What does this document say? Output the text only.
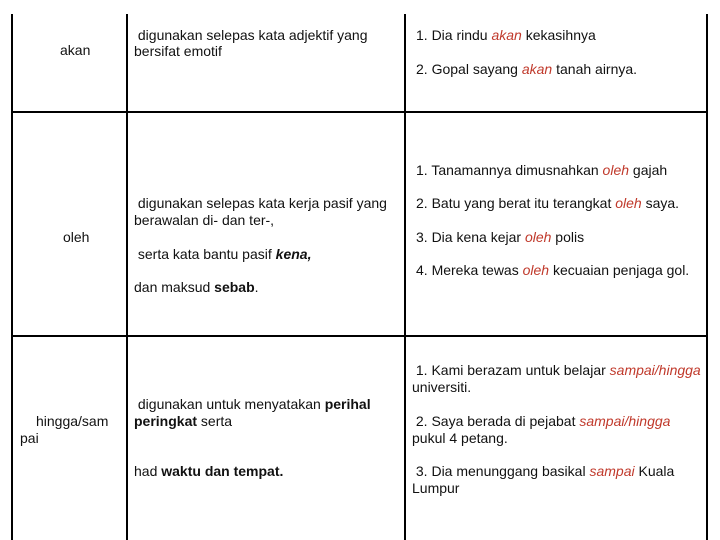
akan
digunakan selepas kata adjektif yang
bersifat emotif
1. Dia rindu akan kekasihnya
2. Gopal sayang akan tanah airnya.
oleh
digunakan selepas kata kerja pasif yang
berawalan di- dan ter-,
serta kata bantu pasif kena,
dan maksud sebab.
1. Tanamannya dimusnahkan oleh gajah
2. Batu yang berat itu terangkat oleh saya.
3. Dia kena kejar oleh polis
4. Mereka tewas oleh kecuaian penjaga gol.
hingga/sam
pai
digunakan untuk menyatakan perihal
peringkat serta
had waktu dan tempat.
1. Kami berazam untuk belajar sampai/hingga
universiti.
2. Saya berada di pejabat sampai/hingga
pukul 4 petang.
3. Dia menunggang basikal sampai Kuala
Lumpur
